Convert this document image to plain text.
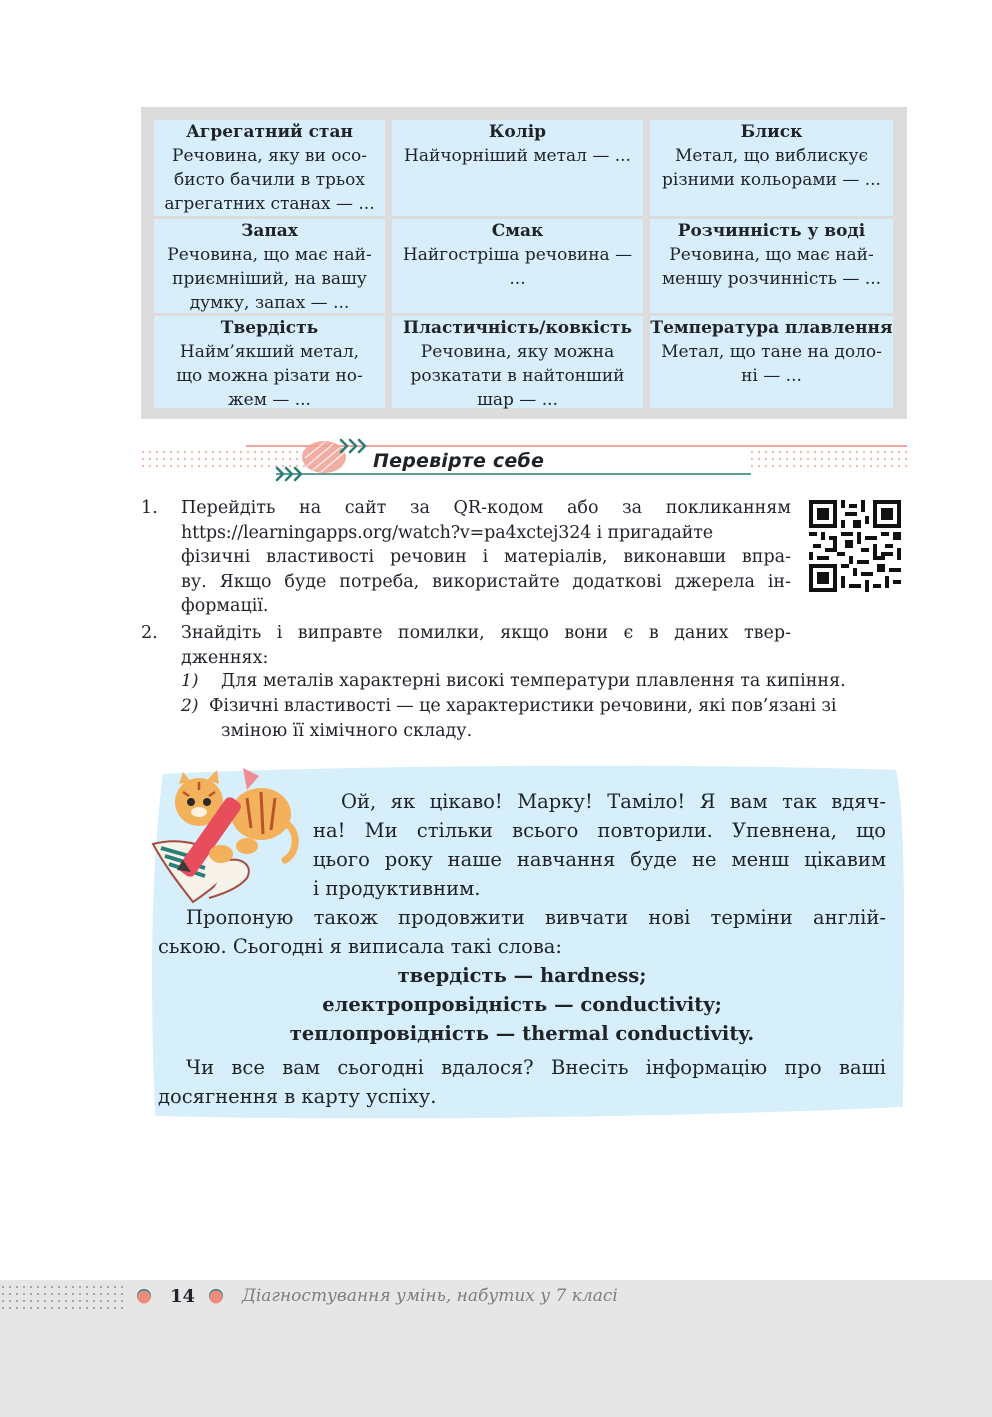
Агрегатний стан
Речовина, яку ви осо-
бисто бачили в трьох
агрегатних станах — ...
Колір
Найчорніший метал — ...
Блиск
Метал, що виблискує
різними кольорами — ...
Запах
Речовина, що має най-
приємніший, на вашу
думку, запах — ...
Смак
Найгостріша речовина —
...
Розчинність у воді
Речовина, що має най-
меншу розчинність — ...
Твердість
Найм’якший метал,
що можна різати но-
жем — ...
Пластичність/ковкість
Речовина, яку можна
розкатати в найтонший
шар — ...
Температура плавлення
Метал, що тане на доло-
ні — ...
Перевірте себе
1. Перейдіть на сайт за QR-кодом або за покликанням
https://learningapps.org/watch?v=pa4xctej324 і пригадайте
фізичні властивості речовин і матеріалів, виконавши впра-
ву. Якщо буде потреба, використайте додаткові джерела ін-
формації.
2. Знайдіть і виправте помилки, якщо вони є в даних твер-
дженнях:
1) Для металів характерні високі температури плавлення та кипіння.
2) Фізичні властивості — це характеристики речовини, які пов’язані зі
зміною її хімічного складу.
Ой, як цікаво! Марку! Таміло! Я вам так вдяч-
на! Ми стільки всього повторили. Упевнена, що
цього року наше навчання буде не менш цікавим
і продуктивним.
Пропоную також продовжити вивчати нові терміни англій-
ською. Сьогодні я виписала такі слова:
твердість — hardness;
електропровідність — conductivity;
теплопровідність — thermal conductivity.
Чи все вам сьогодні вдалося? Внесіть інформацію про ваші
досягнення в карту успіху.
14	Діагностування умінь, набутих у 7 класі
